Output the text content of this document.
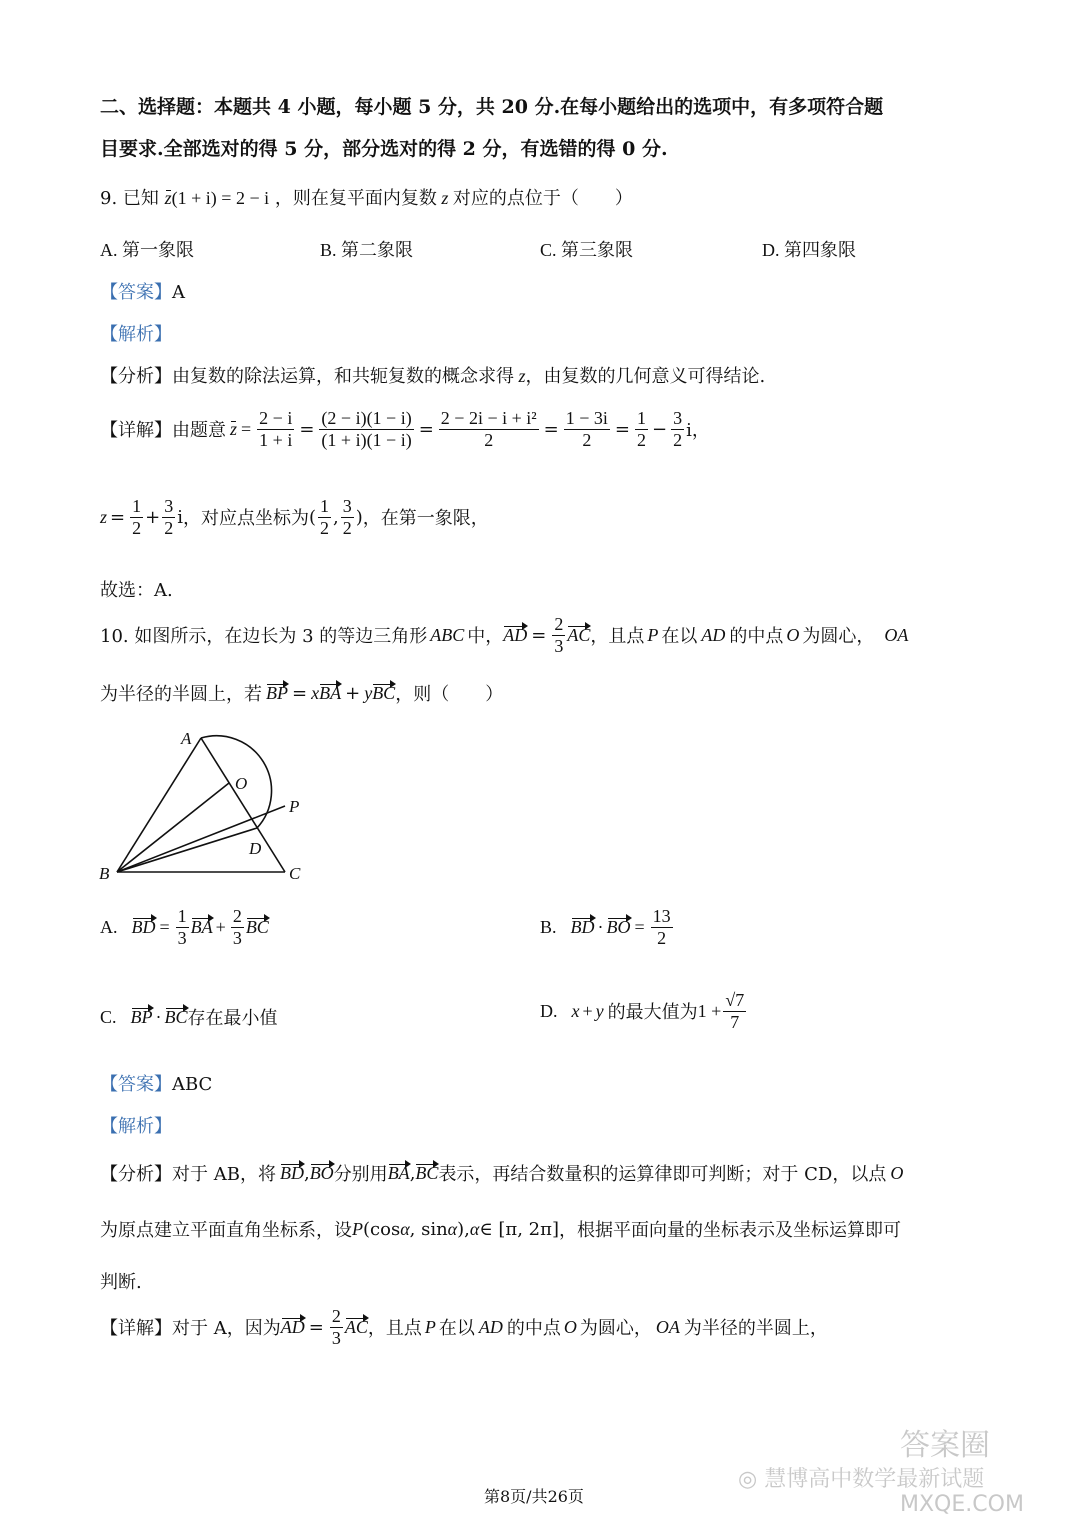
二、选择题：本题共 4 小题，每小题 5 分，共 20 分.在每小题给出的选项中，有多项符合题
目要求.全部选对的得 5 分，部分选对的得 2 分，有选错的得 0 分.
9. 已知 z(1 + i) = 2 − i ，则在复平面内复数 z 对应的点位于（　　）
A. 第一象限	B. 第二象限	C. 第三象限	D. 第四象限
【答案】A
【解析】
【分析】由复数的除法运算，和共轭复数的概念求得 z，由复数的几何意义可得结论.
【详解】 由题意 $z = \frac{2 - i}{1 + i} = \frac{(2 - i)(1 - i)}{(1 + i)(1 - i)} = \frac{\text{2 − 2i − i + i²}}{2} = \frac{1 - 3i}{2} = \frac{1}{2} - \frac{3}{2}$ i，
$z = \frac{1}{2} + \frac{3}{2}$ i ，对应点坐标为 ( $\frac{1}{2}$ , $\frac{3}{2}$ ) ，在第一象限，
故选：A.
10. 如图所示，在边长为 3 的等边三角形 ABC 中， AD = $\frac{2}{3}$ AC ，且点 P 在以 AD 的中点 O 为圆心， OA
为半径的半圆上，若 BP = x BA + y BC ，则（　　）
A
O
P
D
B	C
A. BD = $\frac{1}{3}$ BA + $\frac{2}{3}$ BC	B. BD · BO = $\frac{13}{2}$
C. BP · BC 存在最小值	D. x + y 的最大值为 $1 + \frac{√7}{7}$
【答案】ABC
【解析】
【分析】 对于 AB，将 BD , BO 分别用 BA , BC 表示，再结合数量积的运算律即可判断；对于 CD，以点 O
为原点建立平面直角坐标系，设 P (cos α , sin α ), α ∈ [π, 2π] ，根据平面向量的坐标表示及坐标运算即可
判断.
【详解】 对于 A，因为 AD = $\frac{2}{3}$ AC ，且点 P 在以 AD 的中点 O 为圆心， OA 为半径的半圆上，
第8页/共26页
◎ 慧博高中数学最新试题
答案圈
MXQE.COM
